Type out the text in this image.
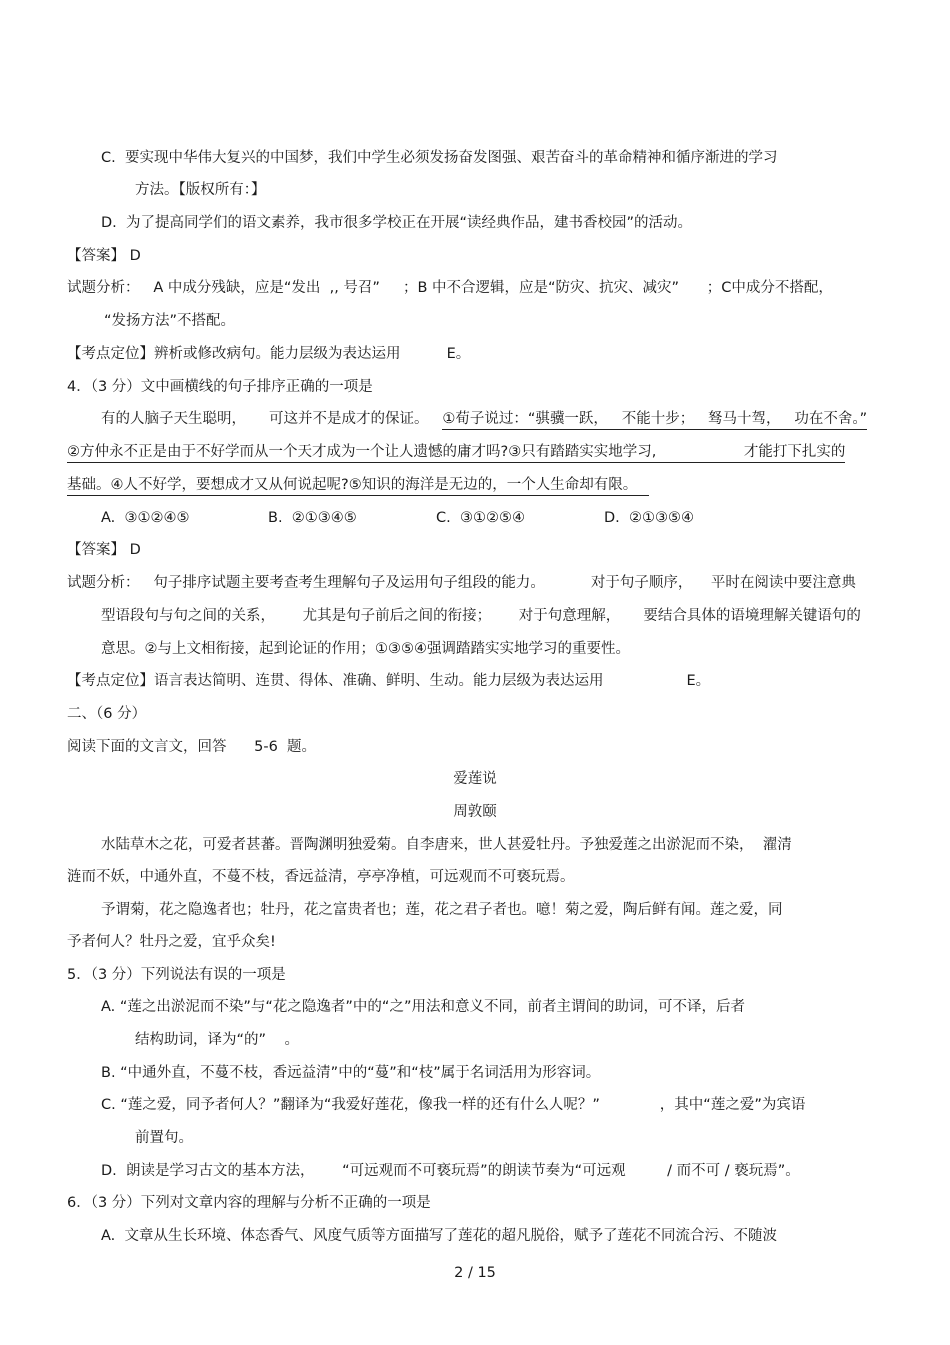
C.  要实现中华伟大复兴的中国梦，我们中学生必须发扬奋发图强、艰苦奋斗的革命精神和循序渐进的学习
方法。【版权所有：】
D.  为了提高同学们的语文素养，我市很多学校正在开展“读经典作品，建书香校园”的活动。
【答案】 D
试题分析：   A 中成分残缺，应是“发出  ,, 号召”     ；B 中不合逻辑，应是“防灾、抗灾、减灾”      ；C中成分不搭配，
“发扬方法”不搭配。
【考点定位】辨析或修改病句。能力层级为表达运用          E。
4．（3 分）文中画横线的句子排序正确的一项是
有的人脑子天生聪明，     可这并不是成才的保证。   ①荀子说过：“骐骥一跃，   不能十步；   驽马十驾，   功在不舍。”
②方仲永不正是由于不好学而从一个天才成为一个让人遗憾的庸才吗?③只有踏踏实实地学习,                   才能打下扎实的
基础。④人不好学，要想成才又从何说起呢?⑤知识的海洋是无边的，一个人生命却有限。
A.  ③①②④⑤	B.  ②①③④⑤	C.  ③①②⑤④	D.  ②①③⑤④
【答案】 D
试题分析：   句子排序试题主要考查考生理解句子及运用句子组段的能力。          对于句子顺序，    平时在阅读中要注意典
型语段句与句之间的关系，      尤其是句子前后之间的衔接；      对于句意理解，     要结合具体的语境理解关键语句的
意思。②与上文相衔接，起到论证的作用；①③⑤④强调踏踏实实地学习的重要性。
【考点定位】语言表达简明、连贯、得体、准确、鲜明、生动。能力层级为表达运用                  E。
二、（6 分）
阅读下面的文言文，回答      5-6  题。
爱莲说
周敦颐
水陆草木之花，可爱者甚蕃。晋陶渊明独爱菊。自李唐来，世人甚爱牡丹。予独爱莲之出淤泥而不染，  濯清
涟而不妖，中通外直，不蔓不枝，香远益清，亭亭净植，可远观而不可亵玩焉。
予谓菊，花之隐逸者也；牡丹，花之富贵者也；莲，花之君子者也。噫！菊之爱，陶后鲜有闻。莲之爱，同
予者何人？牡丹之爱，宜乎众矣!
5．（3 分）下列说法有误的一项是
A. “莲之出淤泥而不染”与“花之隐逸者”中的“之”用法和意义不同，前者主谓间的助词，可不译，后者
结构助词，译为“的”    。
B. “中通外直，不蔓不枝，香远益清”中的“蔓”和“枝”属于名词活用为形容词。
C. “莲之爱，同予者何人？”翻译为“我爱好莲花，像我一样的还有什么人呢？”             ，其中“莲之爱”为宾语
前置句。
D.  朗读是学习古文的基本方法，      “可远观而不可亵玩焉”的朗读节奏为“可远观         / 而不可 / 亵玩焉”。
6．（3 分）下列对文章内容的理解与分析不正确的一项是
A.  文章从生长环境、体态香气、风度气质等方面描写了莲花的超凡脱俗，赋予了莲花不同流合污、不随波
2 / 15
